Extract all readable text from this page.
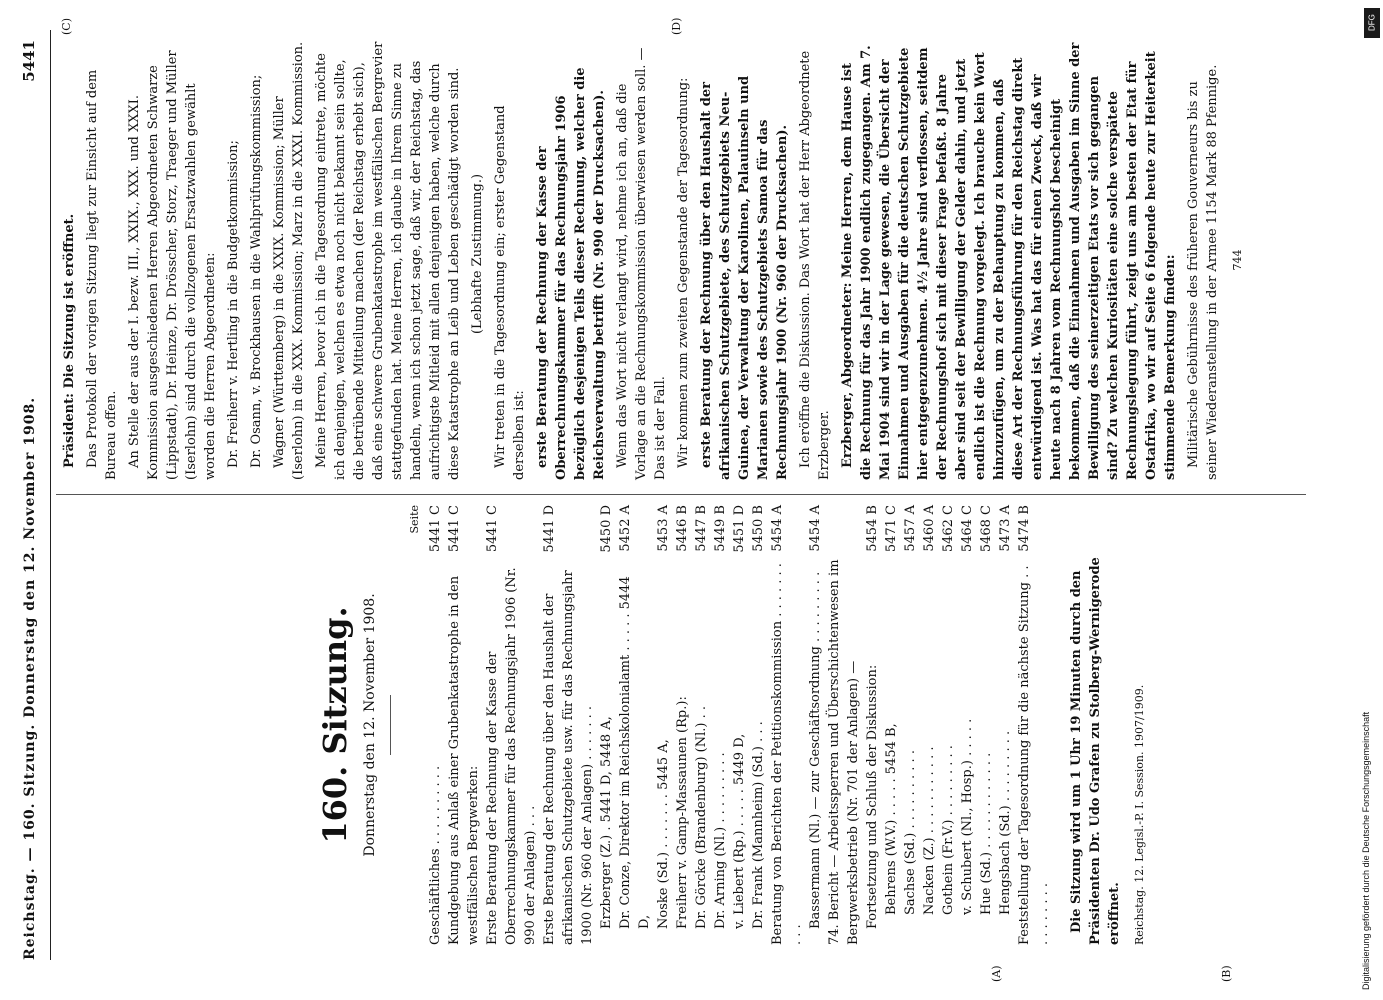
Reichstag. — 160. Sitzung. Donnerstag den 12. November 1908.
5441
(A)	(B)
(C)	(D)
160. Sitzung. Donnerstag den 12. November 1908.
Seite
Geschäftliches . . . . . . . . . .
5441 C
Kundgebung aus Anlaß einer Grubenkatastrophe in den westfälischen Bergwerken:
5441 C
Erste Beratung der Rechnung der Kasse der Oberrechnungskammer für das Rechnungsjahr 1906 (Nr. 990 der Anlagen) . . .
5441 C
Erste Beratung der Rechnung über den Haushalt der afrikanischen Schutzgebiete usw. für das Rechnungsjahr 1900 (Nr. 960 der Anlagen) . . . . . . .
5441 D
Erzberger (Z.) . 5441 D, 5448 A,
5450 D
Dr. Conze, Direktor im Reichskolonialamt . . . . . 5444 D,
5452 A
Noske (Sd.) . . . . . . . 5445 A,
5453 A
Freiherr v. Gamp-Massaunen (Rp.):
5446 B
Dr. Görcke (Brandenburg) (Nl.) . .
5447 B
Dr. Arning (Nl.) . . . . . . . . .
5449 B
v. Liebert (Rp.) . . . . . 5449 D,
5451 D
Dr. Frank (Mannheim) (Sd.) . . .
5450 B
Beratung von Berichten der Petitionskommission . . . . . . . . . .
5454 A
Bassermann (Nl.) — zur Geschäftsordnung . . . . . . . . .
5454 A
74. Bericht — Arbeitssperren und Überschichtenwesen im Bergwerksbetrieb (Nr. 701 der Anlagen) — Fortsetzung und Schluß der Diskussion:
5454 B
Behrens (W.V.) . . . . . 5454 B,
5471 C
Sachse (Sd.) . . . . . . . . . .
5457 A
Nacken (Z.) . . . . . . . . . . .
5460 A
Gothein (Fr.V.) . . . . . . . . .
5462 C
v. Schubert (Nl., Hosp.) . . . . .
5464 C
Hue (Sd.) . . . . . . . . . . . .
5468 C
Hengsbach (Sd.) . . . . . . . . .
5473 A
Feststellung der Tagesordnung für die nächste Sitzung . . . . . . . . . .
5474 B

Die Sitzung wird um 1 Uhr 19 Minuten durch den Präsidenten Dr. Udo Grafen zu Stolberg-Wernigerode eröffnet. Reichstag. 12. Legisl.-P. I. Session. 1907/1909.

Präsident: Die Sitzung ist eröffnet. Das Protokoll der vorigen Sitzung liegt zur Einsicht auf dem Bureau offen. An Stelle der aus der I. bezw. III., XXIX., XXX. und XXXI. Kommission ausgeschiedenen Herren Abgeordneten Schwarze (Lippstadt), Dr. Heinze, Dr. Drösscher, Storz, Traeger und Müller (Iserlohn) sind durch die vollzogenen Ersatzwahlen gewählt worden die Herren Abgeordneten: Dr. Freiherr v. Hertling in die Budgetkommission; Dr. Osann, v. Brockhausen in die Wahlprüfungskommission; Wagner (Württemberg) in die XXIX. Kommission; Müller (Iserlohn) in die XXX. Kommission; Marz in die XXXI. Kommission. Meine Herren, bevor ich in die Tagesordnung eintrete, möchte ich denjenigen, welchen es etwa noch nicht bekannt sein sollte, die betrübende Mitteilung machen (der Reichstag erhebt sich), daß eine schwere Grubenkatastrophe im westfälischen Bergrevier stattgefunden hat. Meine Herren, ich glaube in Ihrem Sinne zu handeln, wenn ich schon jetzt sage, daß wir, der Reichstag, das aufrichtigste Mitleid mit allen denjenigen haben, welche durch diese Katastrophe an Leib und Leben geschädigt worden sind. (Lebhafte Zustimmung.) Wir treten in die Tagesordnung ein; erster Gegenstand derselben ist: erste Beratung der Rechnung der Kasse der Oberrechnungskammer für das Rechnungsjahr 1906 bezüglich desjenigen Teils dieser Rechnung, welcher die Reichsverwaltung betrifft (Nr. 990 der Drucksachen). Wenn das Wort nicht verlangt wird, nehme ich an, daß die Vorlage an die Rechnungskommission überwiesen werden soll. — Das ist der Fall. Wir kommen zum zweiten Gegenstande der Tagesordnung: erste Beratung der Rechnung über den Haushalt der afrikanischen Schutzgebiete, des Schutzgebiets Neu-Guinea, der Verwaltung der Karolinen, Palauinseln und Marianen sowie des Schutzgebiets Samoa für das Rechnungsjahr 1900 (Nr. 960 der Drucksachen). Ich eröffne die Diskussion. Das Wort hat der Herr Abgeordnete Erzberger. Erzberger, Abgeordneter: Meine Herren, dem Hause ist die Rechnung für das Jahr 1900 endlich zugegangen. Am 7. Mai 1904 sind wir in der Lage gewesen, die Übersicht der Einnahmen und Ausgaben für die deutschen Schutzgebiete hier entgegenzunehmen. 4½ Jahre sind verflossen, seitdem der Rechnungshof sich mit dieser Frage befaßt. 8 Jahre aber sind seit der Bewilligung der Gelder dahin, und jetzt endlich ist die Rechnung vorgelegt. Ich brauche kein Wort hinzuzufügen, um zu der Behauptung zu kommen, daß diese Art der Rechnungsführung für den Reichstag direkt entwürdigend ist. Was hat das für einen Zweck, daß wir heute nach 8 Jahren vom Rechnungshof bescheinigt bekommen, daß die Einnahmen und Ausgaben im Sinne der Bewilligung des seinerzeitigen Etats vor sich gegangen sind? Zu welchen Kuriositäten eine solche verspätete Rechnungslegung führt, zeigt uns am besten der Etat für Ostafrika, wo wir auf Seite 6 folgende heute zur Heiterkeit stimmende Bemerkung finden: Militärische Gebührnisse des früheren Gouverneurs bis zu seiner Wiederanstellung in der Armee 1154 Mark 88 Pfennige. 744
DFG
Digitalisierung gefördert durch die Deutsche Forschungsgemeinschaft
